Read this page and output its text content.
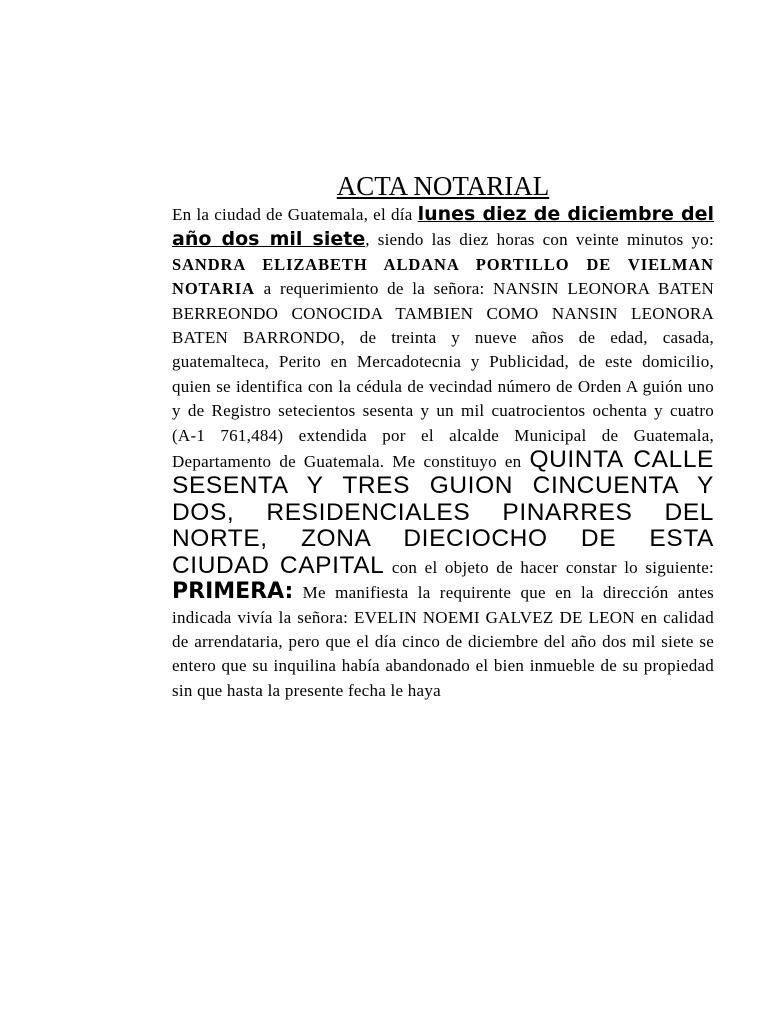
ACTA NOTARIAL

En la ciudad de Guatemala, el día lunes diez de diciembre del año dos mil siete, siendo las diez horas con veinte minutos yo: SANDRA ELIZABETH ALDANA PORTILLO DE VIELMAN NOTARIA a requerimiento de la señora: NANSIN LEONORA BATEN BERREONDO CONOCIDA TAMBIEN COMO NANSIN LEONORA BATEN BARRONDO, de treinta y nueve años de edad, casada, guatemalteca, Perito en Mercadotecnia y Publicidad, de este domicilio, quien se identifica con la cédula de vecindad número de Orden A guión uno y de Registro setecientos sesenta y un mil cuatrocientos ochenta y cuatro (A-1 761,484) extendida por el alcalde Municipal de Guatemala, Departamento de Guatemala. Me constituyo en QUINTA CALLE SESENTA Y TRES GUION CINCUENTA Y DOS, RESIDENCIALES PINARRES DEL NORTE, ZONA DIECIOCHO DE ESTA CIUDAD CAPITAL con el objeto de hacer constar lo siguiente: PRIMERA: Me manifiesta la requirente que en la dirección antes indicada vivía la señora: EVELIN NOEMI GALVEZ DE LEON en calidad de arrendataria, pero que el día cinco de diciembre del año dos mil siete se entero que su inquilina había abandonado el bien inmueble de su propiedad sin que hasta la presente fecha le haya
